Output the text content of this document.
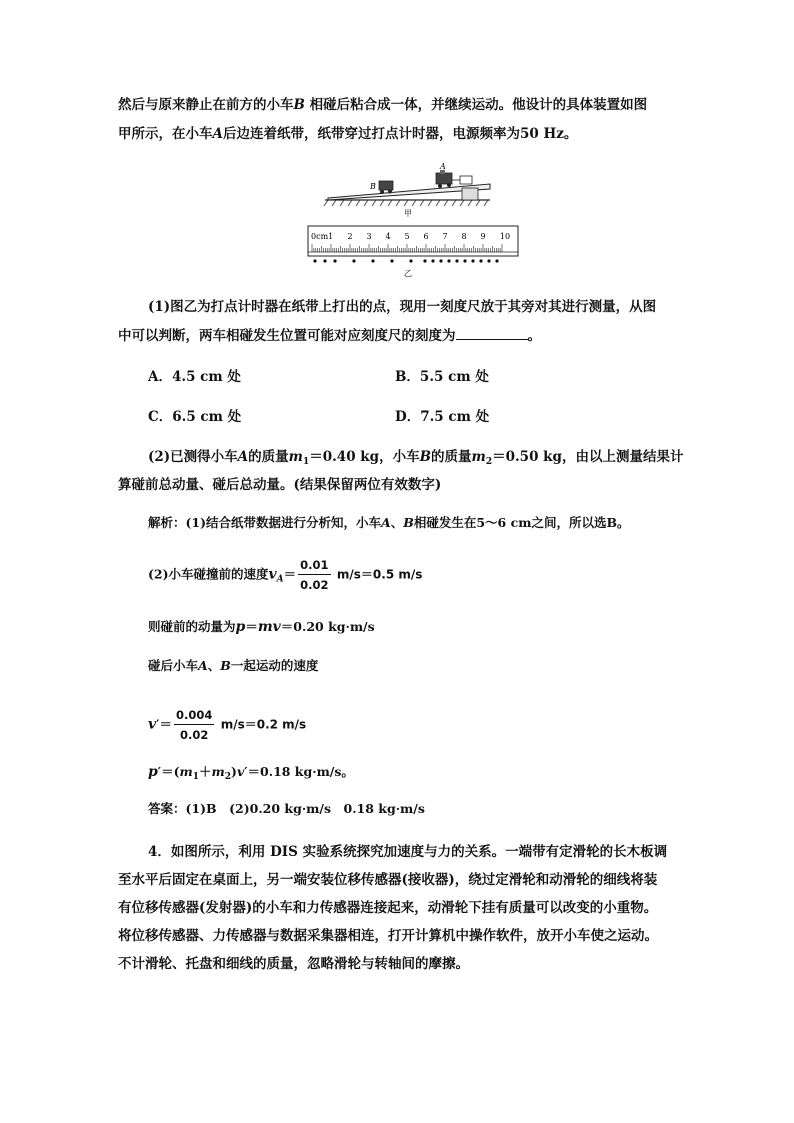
然后与原来静止在前方的小车B 相碰后粘合成一体，并继续运动。他设计的具体装置如图
甲所示，在小车A后边连着纸带，纸带穿过打点计时器，电源频率为50 Hz。
B
A
甲
0cm1 2 3 4 5 6 7 8 9 10
乙
(1)图乙为打点计时器在纸带上打出的点，现用一刻度尺放于其旁对其进行测量，从图
中可以判断，两车相碰发生位置可能对应刻度尺的刻度为	。
A．4.5 cm 处	B．5.5 cm 处
C．6.5 cm 处	D．7.5 cm 处
(2)已测得小车A的质量$m_1=0.40$ kg，小车B的质量$m_2=0.50$ kg，由以上测量结果计
算碰前总动量、碰后总动量。(结果保留两位有效数字)
解析：(1)结合纸带数据进行分析知，小车A、B相碰发生在5～6 cm之间，所以选B。
(2)小车碰撞前的速度$v_A= \frac{0.01}{0.02} m/s=0.5$ m/s
则碰前的动量为p＝mv＝0.20 kg·m/s
碰后小车A、B一起运动的速度
$v'= \frac{0.004}{0.02} m/s=0.2$ m/s
$p'=(m_1+m_2)v'=0.18$ kg·m/s。
答案：(1)B　(2)0.20 kg·m/s　0.18 kg·m/s
4．如图所示，利用 DIS 实验系统探究加速度与力的关系。一端带有定滑轮的长木板调
至水平后固定在桌面上，另一端安装位移传感器(接收器)，绕过定滑轮和动滑轮的细线将装
有位移传感器(发射器)的小车和力传感器连接起来，动滑轮下挂有质量可以改变的小重物。
将位移传感器、力传感器与数据采集器相连，打开计算机中操作软件，放开小车使之运动。
不计滑轮、托盘和细线的质量，忽略滑轮与转轴间的摩擦。
